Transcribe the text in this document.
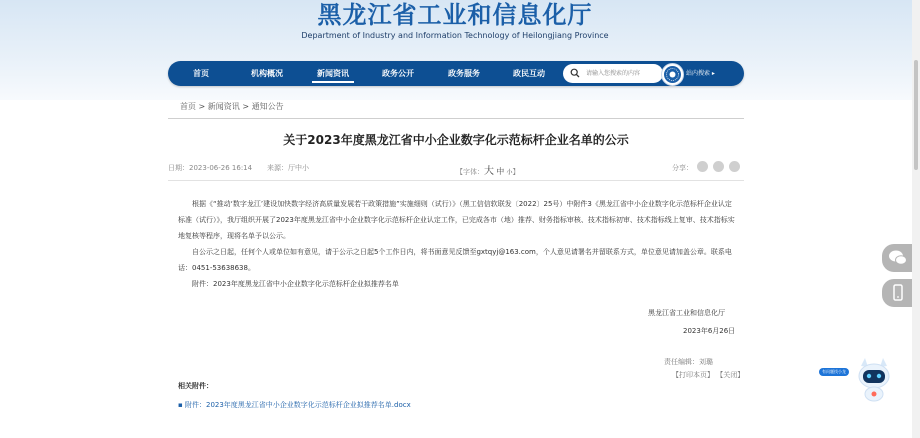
黑龙江省工业和信息化厅
Department of Industry and Information Technology of Heilongjiang Province
首页	机构概况	新闻资讯	政务公开	政务服务	政民互动	请输入您搜索的内容	站内搜索 ▸
首页 > 新闻资讯 > 通知公告
关于2023年度黑龙江省中小企业数字化示范标杆企业名单的公示
日期：2023-06-26 16:14 来源：厅中小	【字体：大 中 小】	分享：

根据《“推动‘数字龙江’建设加快数字经济高质量发展若干政策措施”实施细则（试行）》（黑工信信软联发〔2022〕25号）中附件3《黑龙江省中小企业数字化示范标杆企业认定标准（试行）》，我厅组织开展了2023年度黑龙江省中小企业数字化示范标杆企业认定工作，已完成各市（地）推荐、财务指标审核、技术指标初审、技术指标线上复审、技术指标实地复核等程序，现将名单予以公示。

自公示之日起，任何个人或单位如有意见，请于公示之日起5个工作日内，将书面意见反馈至gxtqyj@163.com，个人意见请署名并留联系方式，单位意见请加盖公章。联系电话：0451-53638638。

附件：2023年度黑龙江省中小企业数字化示范标杆企业拟推荐名单

黑龙江省工业和信息化厅
2023年6月26日
责任编辑：刘璐
【打印本页】 【关闭】
相关附件：
▪ 附件：2023年度黑龙江省中小企业数字化示范标杆企业拟推荐名单.docx
有问题找小龙
